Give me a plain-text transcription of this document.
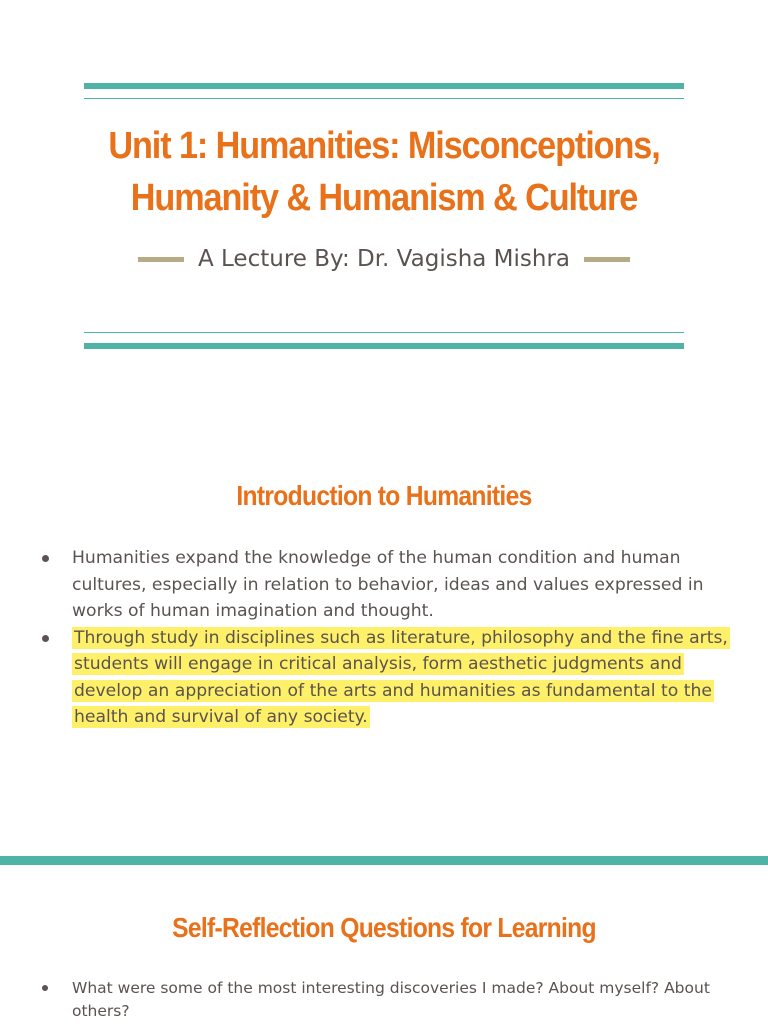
Unit 1: Humanities: Misconceptions,
Humanity & Humanism & Culture
A Lecture By: Dr. Vagisha Mishra
Introduction to Humanities
Humanities expand the knowledge of the human condition and human cultures, especially in relation to behavior, ideas and values expressed in works of human imagination and thought.
Through study in disciplines such as literature, philosophy and the fine arts, students will engage in critical analysis, form aesthetic judgments and develop an appreciation of the arts and humanities as fundamental to the health and survival of any society.
Self-Reflection Questions for Learning
What were some of the most interesting discoveries I made? About myself? About others?
